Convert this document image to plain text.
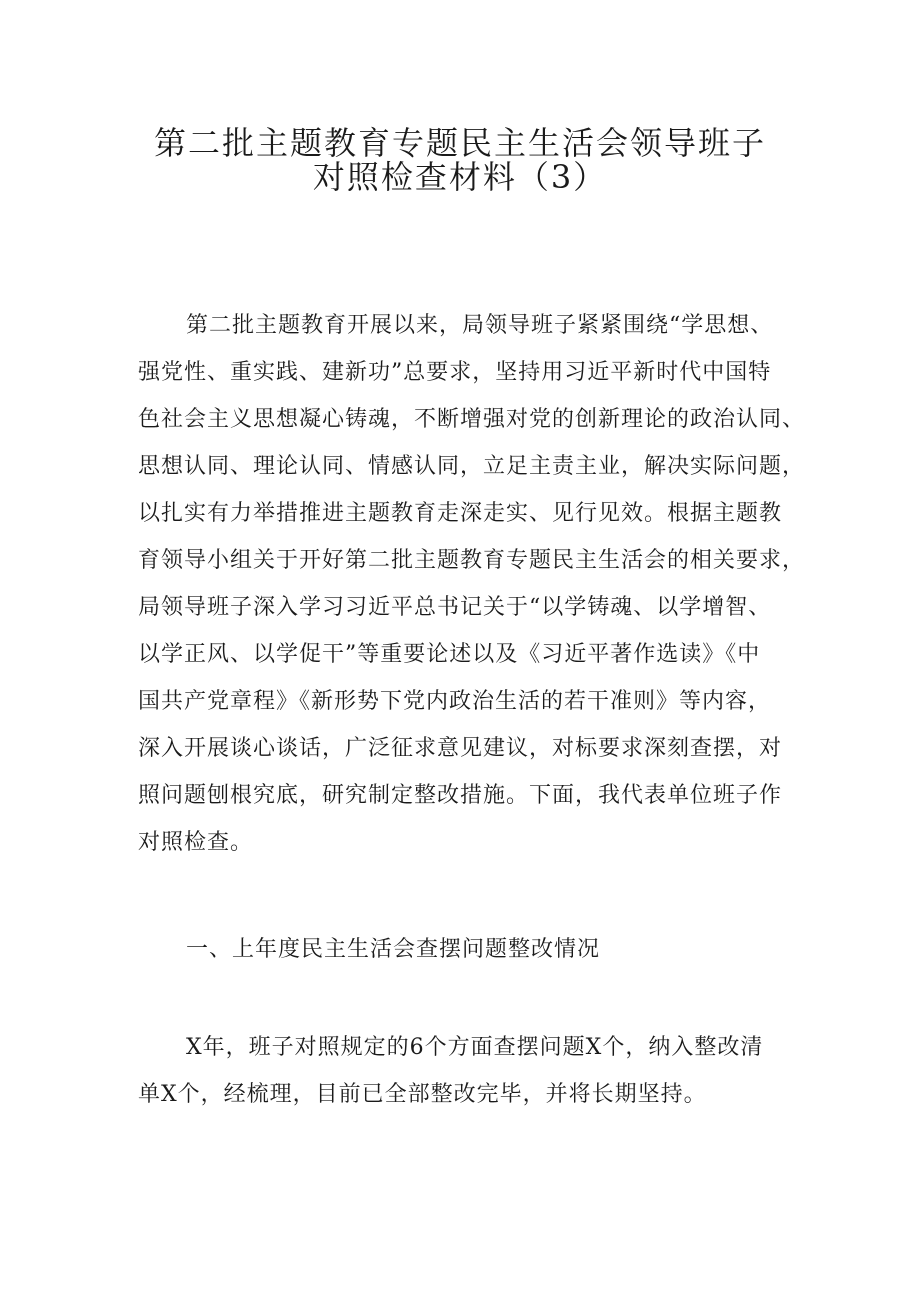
第二批主题教育专题民主生活会领导班子
对照检查材料（3）
第二批主题教育开展以来，局领导班子紧紧围绕“学思想、
强党性、重实践、建新功”总要求，坚持用习近平新时代中国特
色社会主义思想凝心铸魂，不断增强对党的创新理论的政治认同、
思想认同、理论认同、情感认同，立足主责主业，解决实际问题，
以扎实有力举措推进主题教育走深走实、见行见效。根据主题教
育领导小组关于开好第二批主题教育专题民主生活会的相关要求，
局领导班子深入学习习近平总书记关于“以学铸魂、以学增智、
以学正风、以学促干”等重要论述以及《习近平著作选读》《中
国共产党章程》《新形势下党内政治生活的若干准则》等内容，
深入开展谈心谈话，广泛征求意见建议，对标要求深刻查摆，对
照问题刨根究底，研究制定整改措施。下面，我代表单位班子作
对照检查。
一、上年度民主生活会查摆问题整改情况
X年，班子对照规定的6个方面查摆问题X个，纳入整改清
单X个，经梳理，目前已全部整改完毕，并将长期坚持。
